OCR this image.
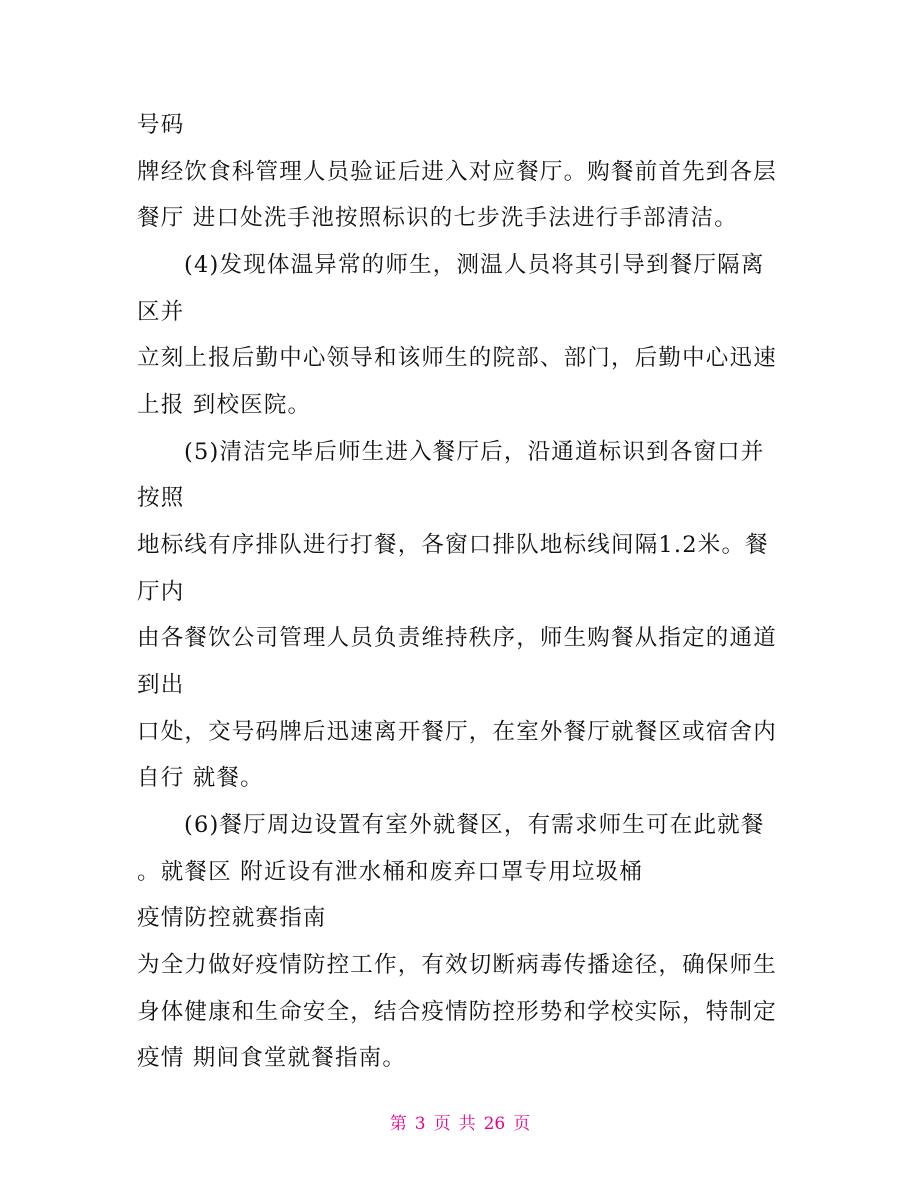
号码
牌经饮食科管理人员验证后进入对应餐厅。购餐前首先到各层
餐厅 进口处洗手池按照标识的七步洗手法进行手部清洁。
(4)发现体温异常的师生，测温人员将其引导到餐厅隔离
区并
立刻上报后勤中心领导和该师生的院部、部门，后勤中心迅速
上报 到校医院。
(5)清洁完毕后师生进入餐厅后，沿通道标识到各窗口并
按照
地标线有序排队进行打餐，各窗口排队地标线间隔1.2米。餐
厅内
由各餐饮公司管理人员负责维持秩序，师生购餐从指定的通道
到出
口处，交号码牌后迅速离开餐厅，在室外餐厅就餐区或宿舍内
自行 就餐。
(6)餐厅周边设置有室外就餐区，有需求师生可在此就餐
。就餐区 附近设有泄水桶和废弃口罩专用垃圾桶
疫情防控就赛指南
为全力做好疫情防控工作，有效切断病毒传播途径，确保师生
身体健康和生命安全，结合疫情防控形势和学校实际，特制定
疫情 期间食堂就餐指南。
第 3 页 共 26 页
